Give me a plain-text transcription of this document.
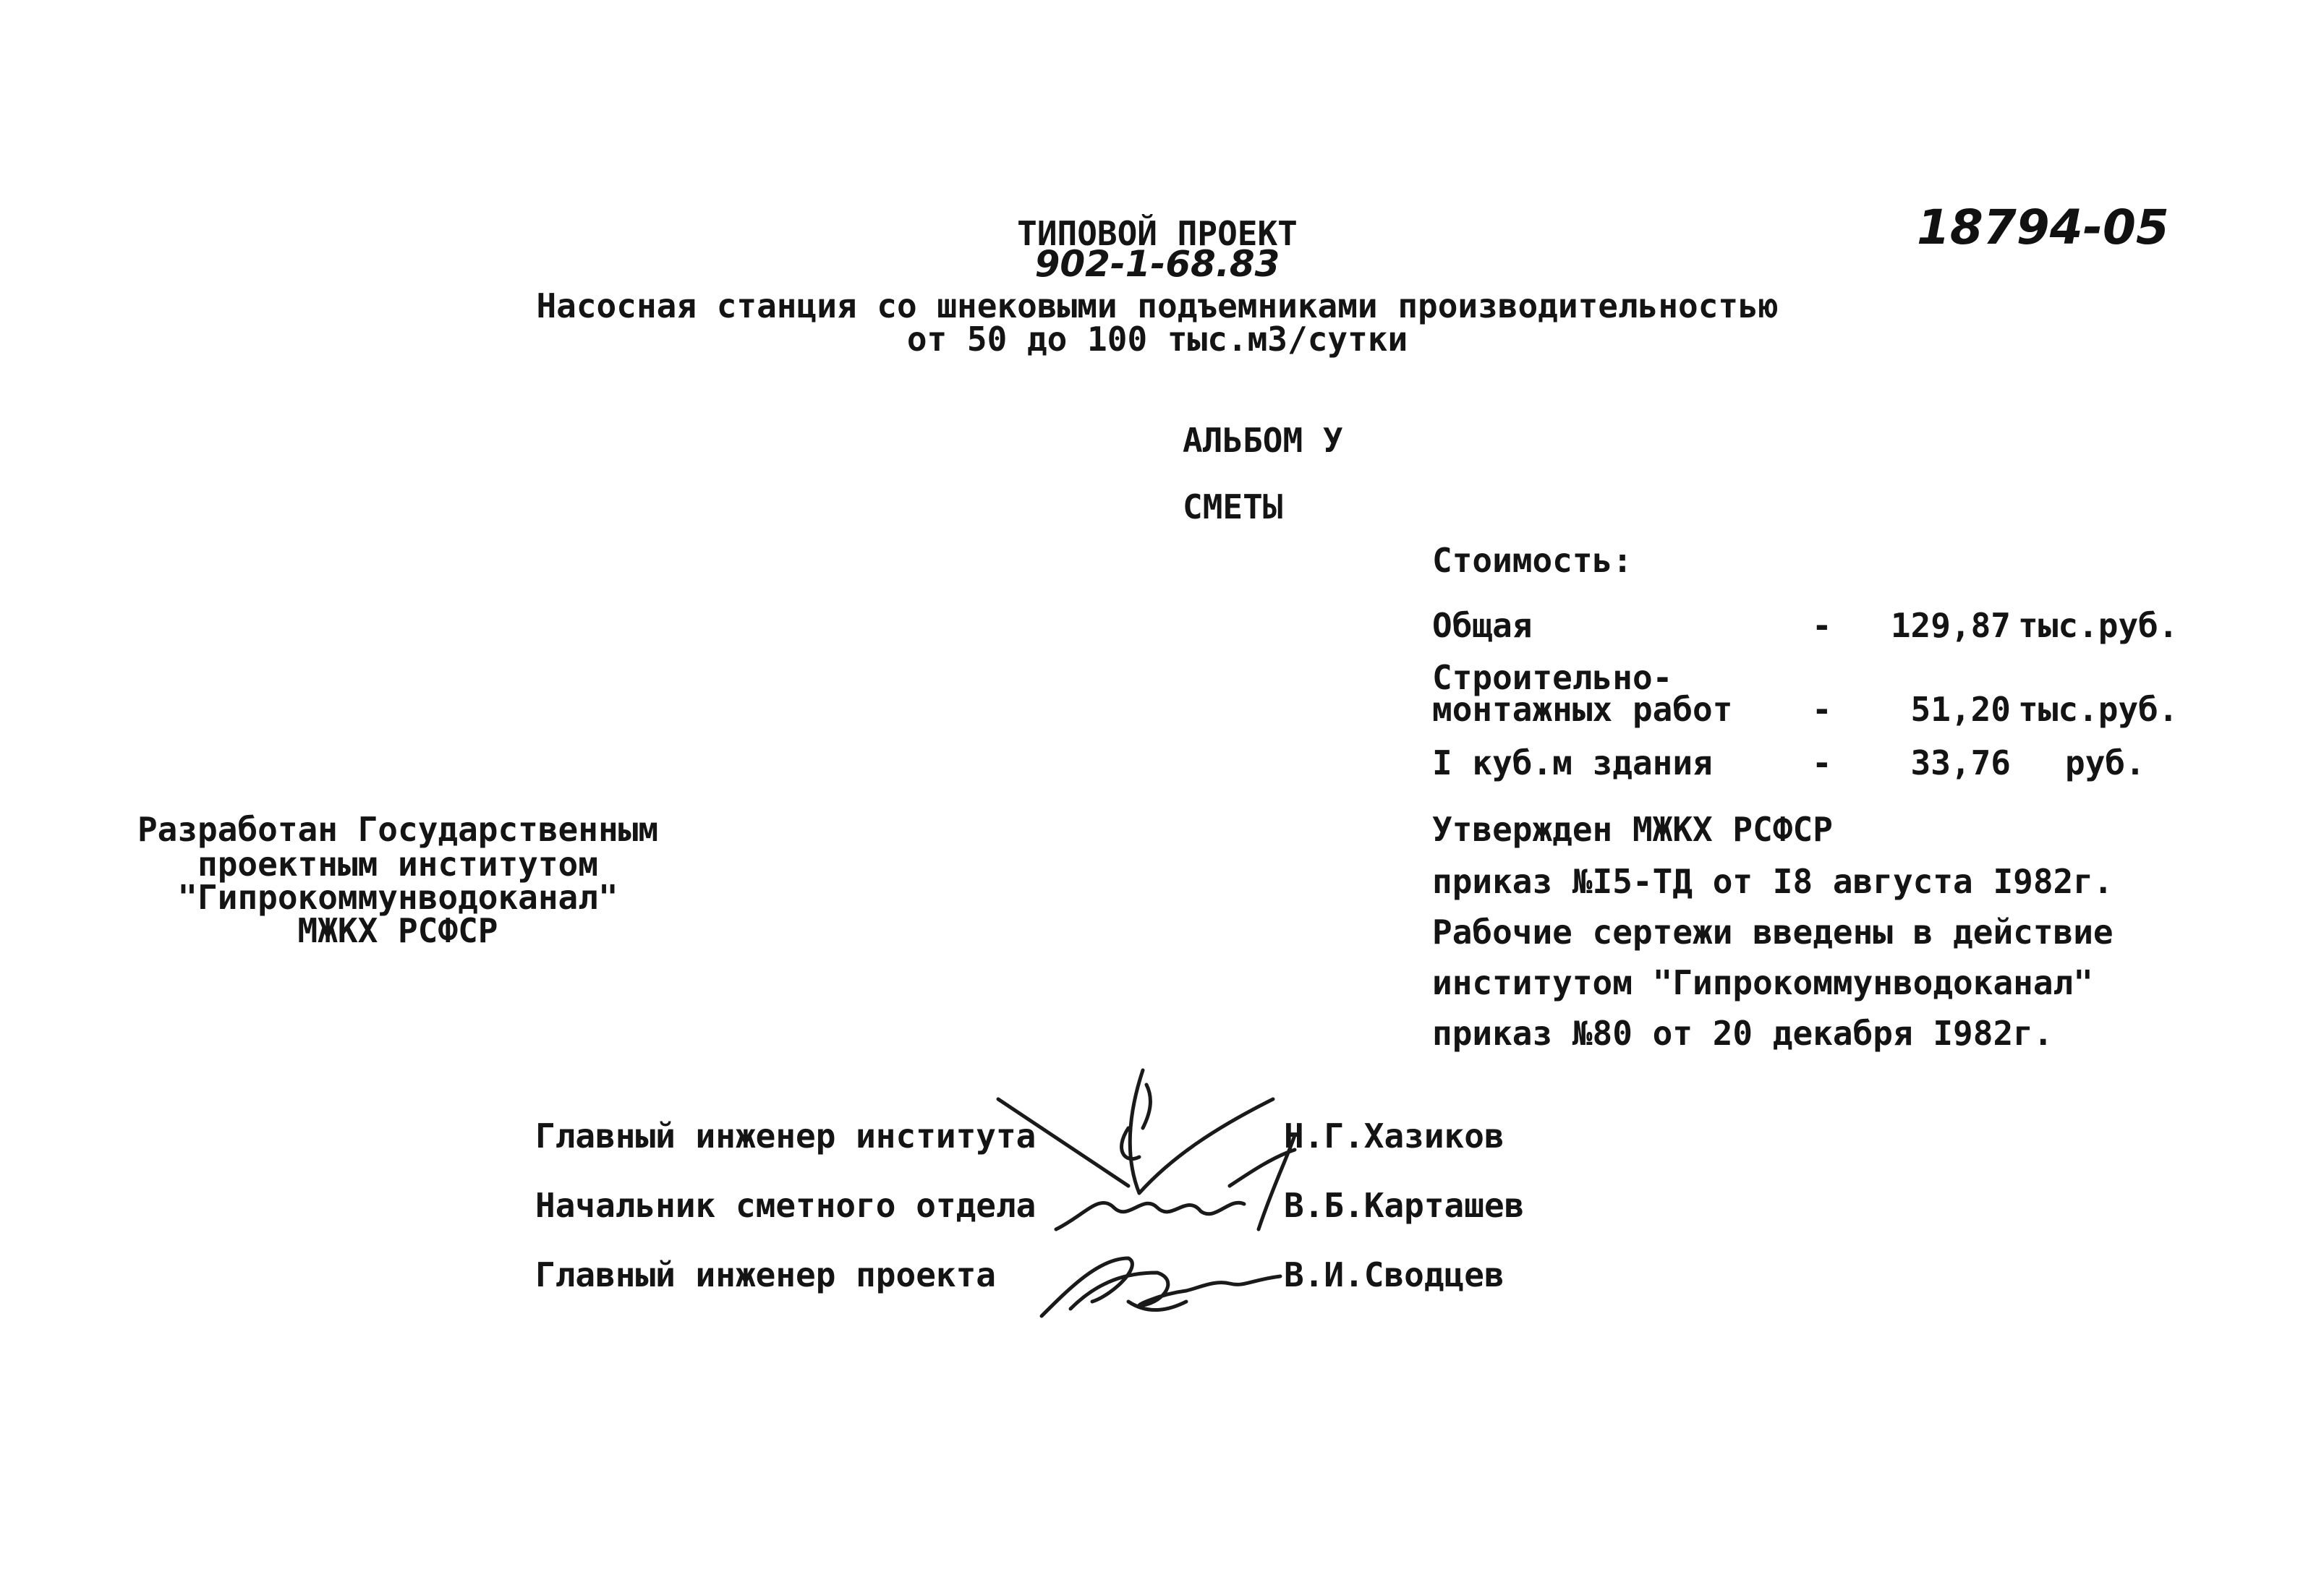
18794-05
ТИПОВОЙ ПРОЕКТ
902-1-68.83
Насосная станция со шнековыми подъемниками производительностью
от 50 до 100 тыс.м3/сутки
АЛЬБОМ У
СМЕТЫ
Стоимость:
Общая	-	129,87 тыс.руб.
Строительно-
монтажных работ -	51,20 тыс.руб.
I куб.м здания	-	33,76 руб.
Разработан Государственным
проектным институтом
"Гипрокоммунводоканал"
МЖКХ РСФСР
Утвержден МЖКХ РСФСР
приказ №I5-ТД от I8 августа I982г.
Рабочие сертежи введены в действие
институтом "Гипрокоммунводоканал"
приказ №80 от 20 декабря I982г.
Главный инженер института	Н.Г.Хазиков
Начальник сметного отдела	В.Б.Карташев
Главный инженер проекта	В.И.Сводцев
